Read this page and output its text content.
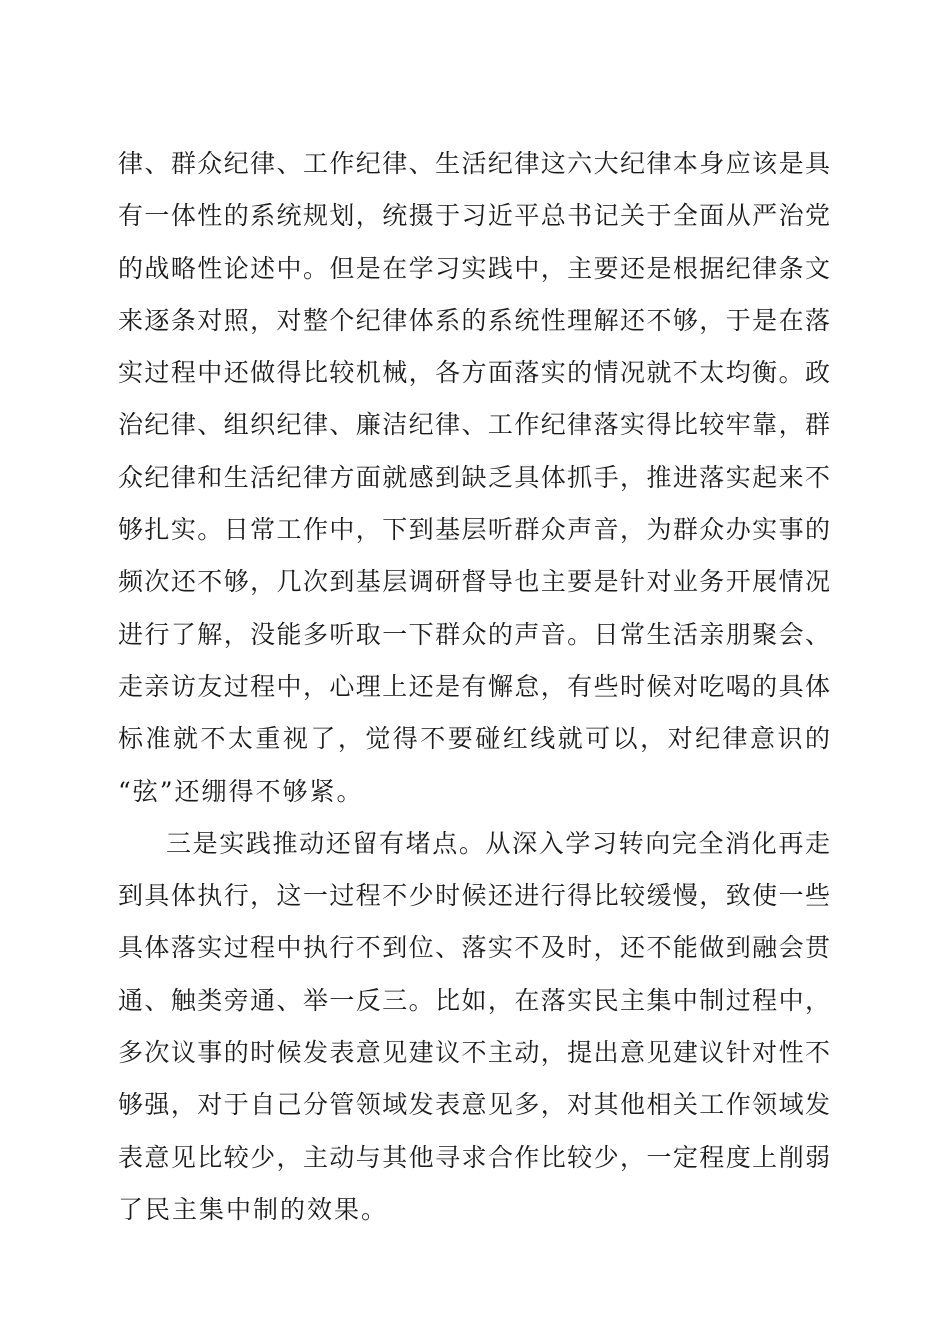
律、群众纪律、工作纪律、生活纪律这六大纪律本身应该是具
有一体性的系统规划，统摄于习近平总书记关于全面从严治党
的战略性论述中。但是在学习实践中，主要还是根据纪律条文
来逐条对照，对整个纪律体系的系统性理解还不够，于是在落
实过程中还做得比较机械，各方面落实的情况就不太均衡。政
治纪律、组织纪律、廉洁纪律、工作纪律落实得比较牢靠，群
众纪律和生活纪律方面就感到缺乏具体抓手，推进落实起来不
够扎实。日常工作中，下到基层听群众声音，为群众办实事的
频次还不够，几次到基层调研督导也主要是针对业务开展情况
进行了解，没能多听取一下群众的声音。日常生活亲朋聚会、
走亲访友过程中，心理上还是有懈怠，有些时候对吃喝的具体
标准就不太重视了，觉得不要碰红线就可以，对纪律意识的
“弦”还绷得不够紧。
三是实践推动还留有堵点。从深入学习转向完全消化再走
到具体执行，这一过程不少时候还进行得比较缓慢，致使一些
具体落实过程中执行不到位、落实不及时，还不能做到融会贯
通、触类旁通、举一反三。比如，在落实民主集中制过程中，
多次议事的时候发表意见建议不主动，提出意见建议针对性不
够强，对于自己分管领域发表意见多，对其他相关工作领域发
表意见比较少，主动与其他寻求合作比较少，一定程度上削弱
了民主集中制的效果。
